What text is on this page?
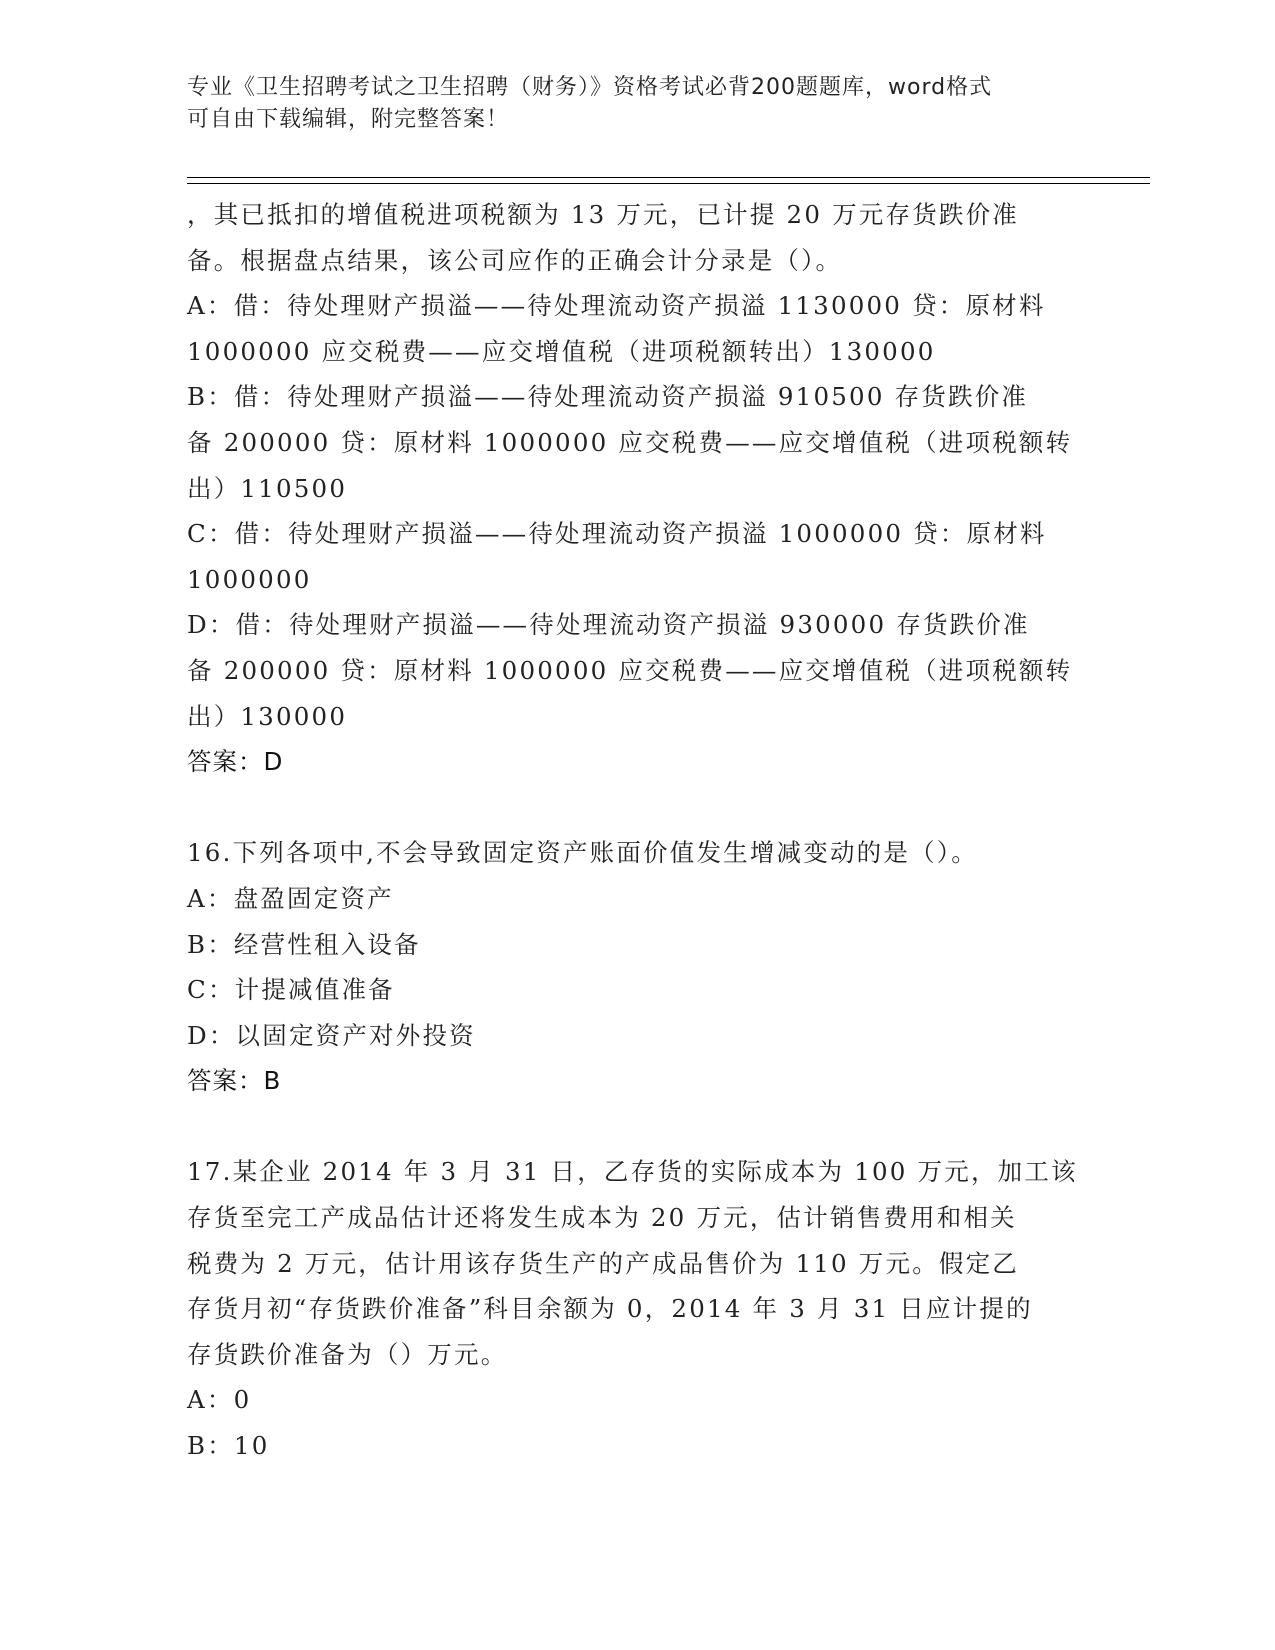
专业《卫生招聘考试之卫生招聘（财务）》资格考试必背200题题库，word格式
可自由下载编辑，附完整答案！
，其已抵扣的增值税进项税额为 13 万元，已计提 20 万元存货跌价准
备。根据盘点结果，该公司应作的正确会计分录是（）。
A：借：待处理财产损溢——待处理流动资产损溢 1130000 贷：原材料
1000000 应交税费——应交增值税（进项税额转出）130000
B：借：待处理财产损溢——待处理流动资产损溢 910500 存货跌价准
备 200000 贷：原材料 1000000 应交税费——应交增值税（进项税额转
出）110500
C：借：待处理财产损溢——待处理流动资产损溢 1000000 贷：原材料
1000000
D：借：待处理财产损溢——待处理流动资产损溢 930000 存货跌价准
备 200000 贷：原材料 1000000 应交税费——应交增值税（进项税额转
出）130000
答案：D
16.下列各项中,不会导致固定资产账面价值发生增减变动的是（）。
A：盘盈固定资产
B：经营性租入设备
C：计提减值准备
D：以固定资产对外投资
答案：B
17.某企业 2014 年 3 月 31 日，乙存货的实际成本为 100 万元，加工该
存货至完工产成品估计还将发生成本为 20 万元，估计销售费用和相关
税费为 2 万元，估计用该存货生产的产成品售价为 110 万元。假定乙
存货月初“存货跌价准备”科目余额为 0，2014 年 3 月 31 日应计提的
存货跌价准备为（）万元。
A：0
B：10
